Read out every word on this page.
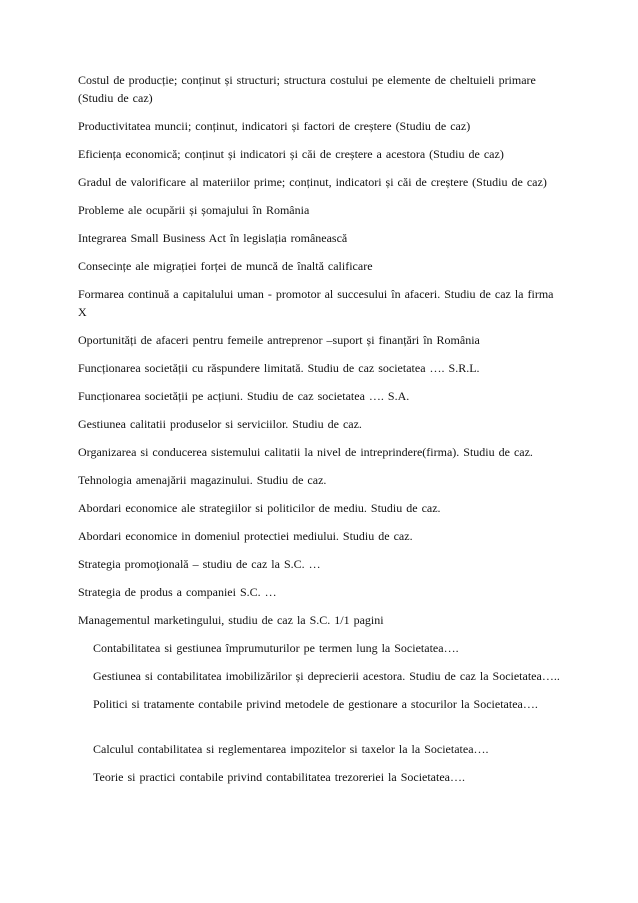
Costul de producție; conținut și structuri; structura costului pe elemente de cheltuieli primare (Studiu de caz)

Productivitatea muncii; conținut, indicatori și factori de creștere (Studiu de caz)

Eficiența economică; conținut și indicatori și căi de creștere a acestora (Studiu de caz)

Gradul de valorificare al materiilor prime; conținut, indicatori și căi de creștere (Studiu de caz)

Probleme ale ocupării și șomajului în România

Integrarea Small Business Act în legislația românească

Consecințe ale migrației forței de muncă de înaltă calificare

Formarea continuă a capitalului uman - promotor al succesului în afaceri. Studiu de caz la firma X

Oportunități de afaceri pentru femeile antreprenor –suport și finanțări în România

Funcționarea societății cu răspundere limitată. Studiu de caz societatea …. S.R.L.

Funcționarea societății pe acțiuni. Studiu de caz societatea …. S.A.

Gestiunea calitatii produselor si serviciilor. Studiu de caz.

Organizarea si conducerea sistemului calitatii la nivel de intreprindere(firma). Studiu de caz.

Tehnologia amenajării magazinului. Studiu de caz.

Abordari economice ale strategiilor si politicilor de mediu. Studiu de caz.

Abordari economice in domeniul protectiei mediului. Studiu de caz.

Strategia promoţională – studiu de caz la S.C. …

Strategia de produs a companiei S.C. …

Managementul marketingului, studiu de caz la S.C. 1/1 pagini

Contabilitatea si gestiunea împrumuturilor pe termen lung la Societatea….

Gestiunea si contabilitatea imobilizărilor și deprecierii acestora. Studiu de caz la Societatea…..

Politici si tratamente contabile privind metodele de gestionare a stocurilor la Societatea….

Calculul contabilitatea si reglementarea impozitelor si taxelor la la Societatea….

Teorie si practici contabile privind contabilitatea trezoreriei la Societatea….
